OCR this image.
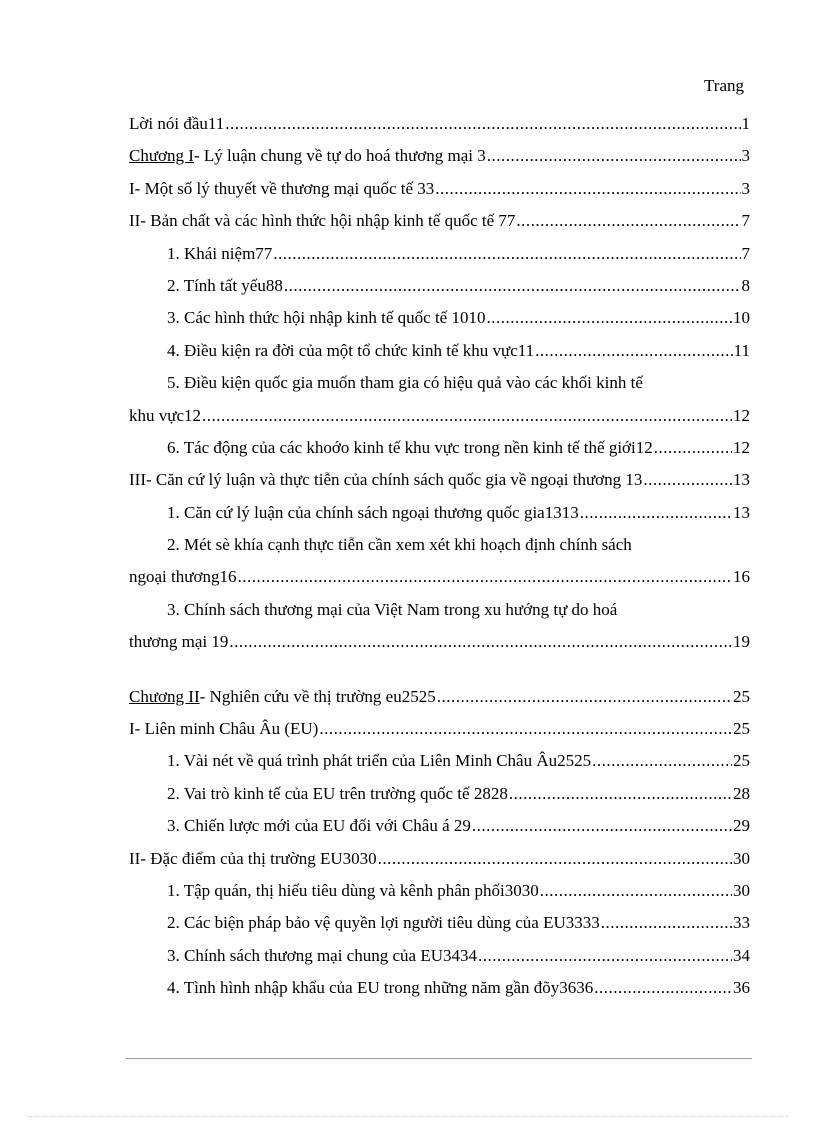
Trang
Lời nói đầu11 .....	1
Chương I- Lý luận chung về tự do hoá thương mại 3 .....	3
I- Một số lý thuyết về thương mại quốc tế 33 .....	3
II- Bản chất và các hình thức hội nhập kinh tế quốc tế 77 .....	7
1. Khái niệm77 .....	7
2. Tính tất yếu88 .....	8
3. Các hình thức hội nhập kinh tế quốc tế 1010 .....	10
4. Điều kiện ra đời của một tổ chức kinh tế khu vực11 .....	11
5. Điều kiện quốc gia muốn tham gia có hiệu quả vào các khối kinh tế
khu vực12 .....	12
6. Tác động của các khoớo kinh tế khu vực trong nền kinh tế thế giới12 .....	12
III- Căn cứ lý luận và thực tiễn của chính sách quốc gia về ngoại thương 13 .....	13
1. Căn cứ lý luận của chính sách ngoại thương quốc gia1313 .....	13
2. Mét sè khía cạnh thực tiễn cần xem xét khi hoạch định chính sách
ngoại thương16 .....	16
3. Chính sách thương mại của Việt Nam trong xu hướng tự do hoá
thương mại 19 .....	19
Chương II- Nghiên cứu về thị trường eu2525 .....	25
I- Liên minh Châu Âu (EU) .....	25
1. Vài nét về quá trình phát triển của Liên Minh Châu Âu2525 .....	25
2. Vai trò kinh tế của EU trên trường quốc tế 2828 .....	28
3. Chiến lược mới của EU đối với Châu á 29 .....	29
II- Đặc điểm của thị trường EU3030 .....	30
1. Tập quán, thị hiếu tiêu dùng và kênh phân phối3030 .....	30
2. Các biện pháp bảo vệ quyền lợi người tiêu dùng của EU3333 .....	33
3. Chính sách thương mại chung của EU3434 .....	34
4. Tình hình nhập khẩu của EU trong những năm gần đõy3636 .....	36
